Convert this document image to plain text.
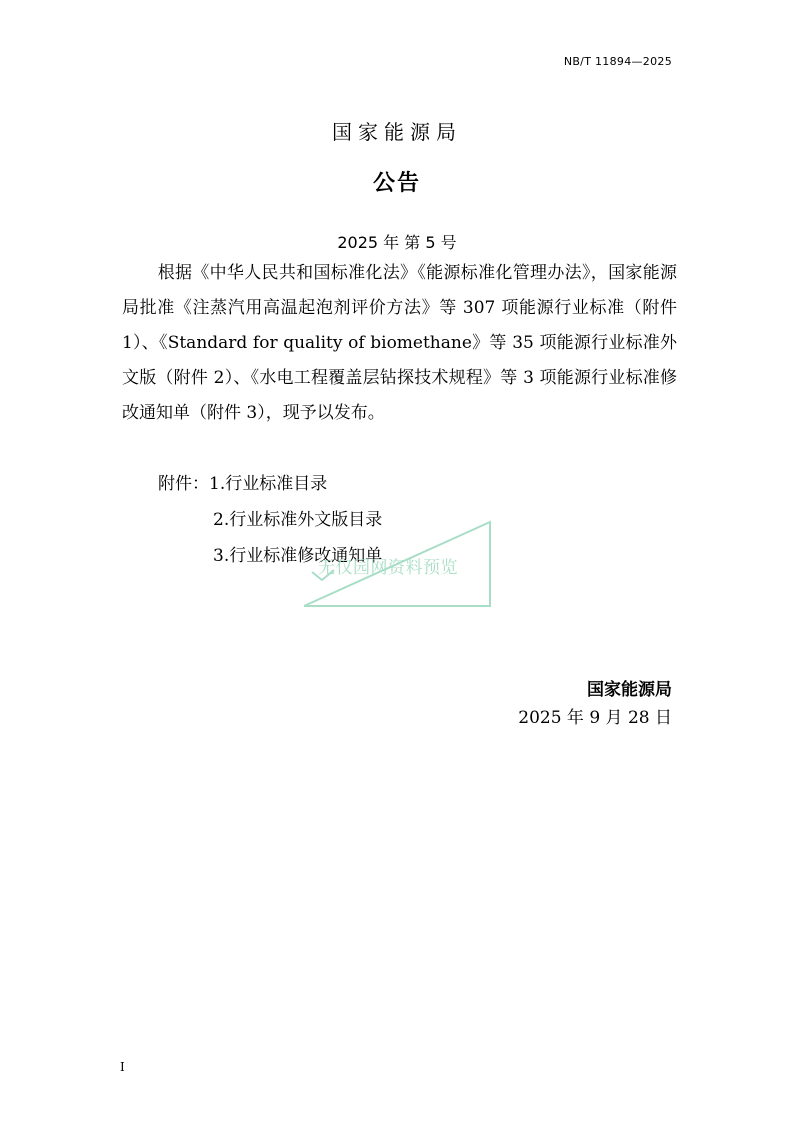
NB/T 11894—2025
国家能源局
公告
2025 年 第 5 号

根据《中华人民共和国标准化法》《能源标准化管理办法》，国家能源局批准《注蒸汽用高温起泡剂评价方法》等 307 项能源行业标准（附件 1）、《Standard for quality of biomethane》等 35 项能源行业标准外文版（附件 2）、《水电工程覆盖层钻探技术规程》等 3 项能源行业标准修改通知单（附件 3），现予以发布。

附件：1.行业标准目录
2.行业标准外文版目录
3.行业标准修改通知单
无仅园网资料预览
国家能源局
2025 年 9 月 28 日
I
